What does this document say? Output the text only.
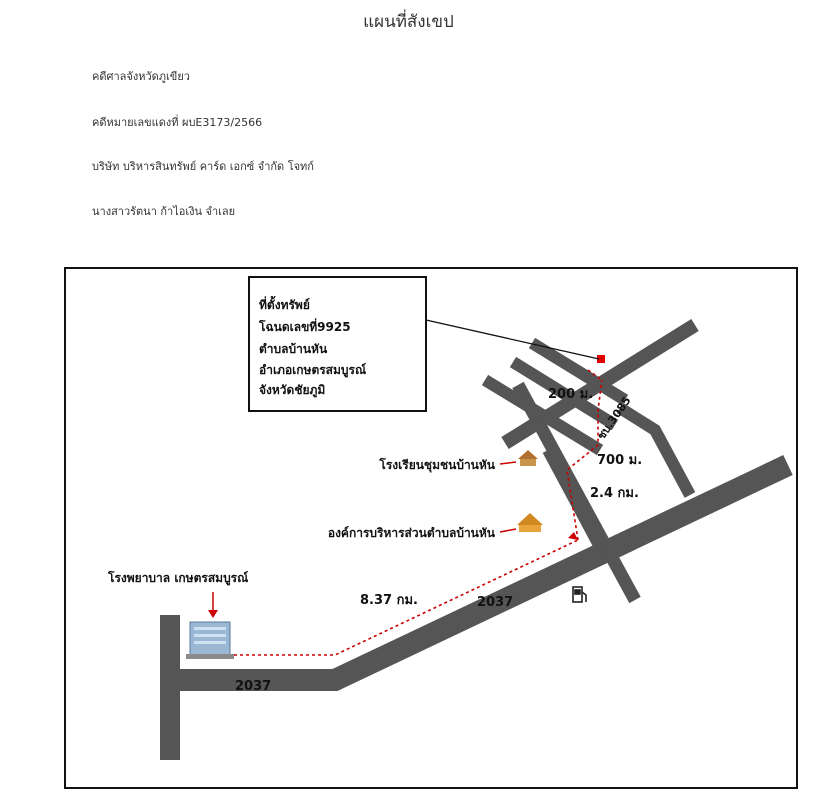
แผนที่สังเขป
คดีศาลจังหวัดภูเขียว
คดีหมายเลขแดงที่ ผบE3173/2566
บริษัท บริหารสินทรัพย์ คาร์ด เอกซ์ จำกัด โจทก์
นางสาวรัตนา ก้าไอเงิน จำเลย
200 ม.
700 ม.
2.4 กม.
8.37 กม.	2037
2037
ชบ.3085
โรงเรียนชุมชนบ้านหัน
องค์การบริหารส่วนตำบลบ้านหัน
โรงพยาบาล เกษตรสมบูรณ์
ที่ตั้งทรัพย์
โฉนดเลขที่9925
ตำบลบ้านหัน
อำเภอเกษตรสมบูรณ์
จังหวัดชัยภูมิ
